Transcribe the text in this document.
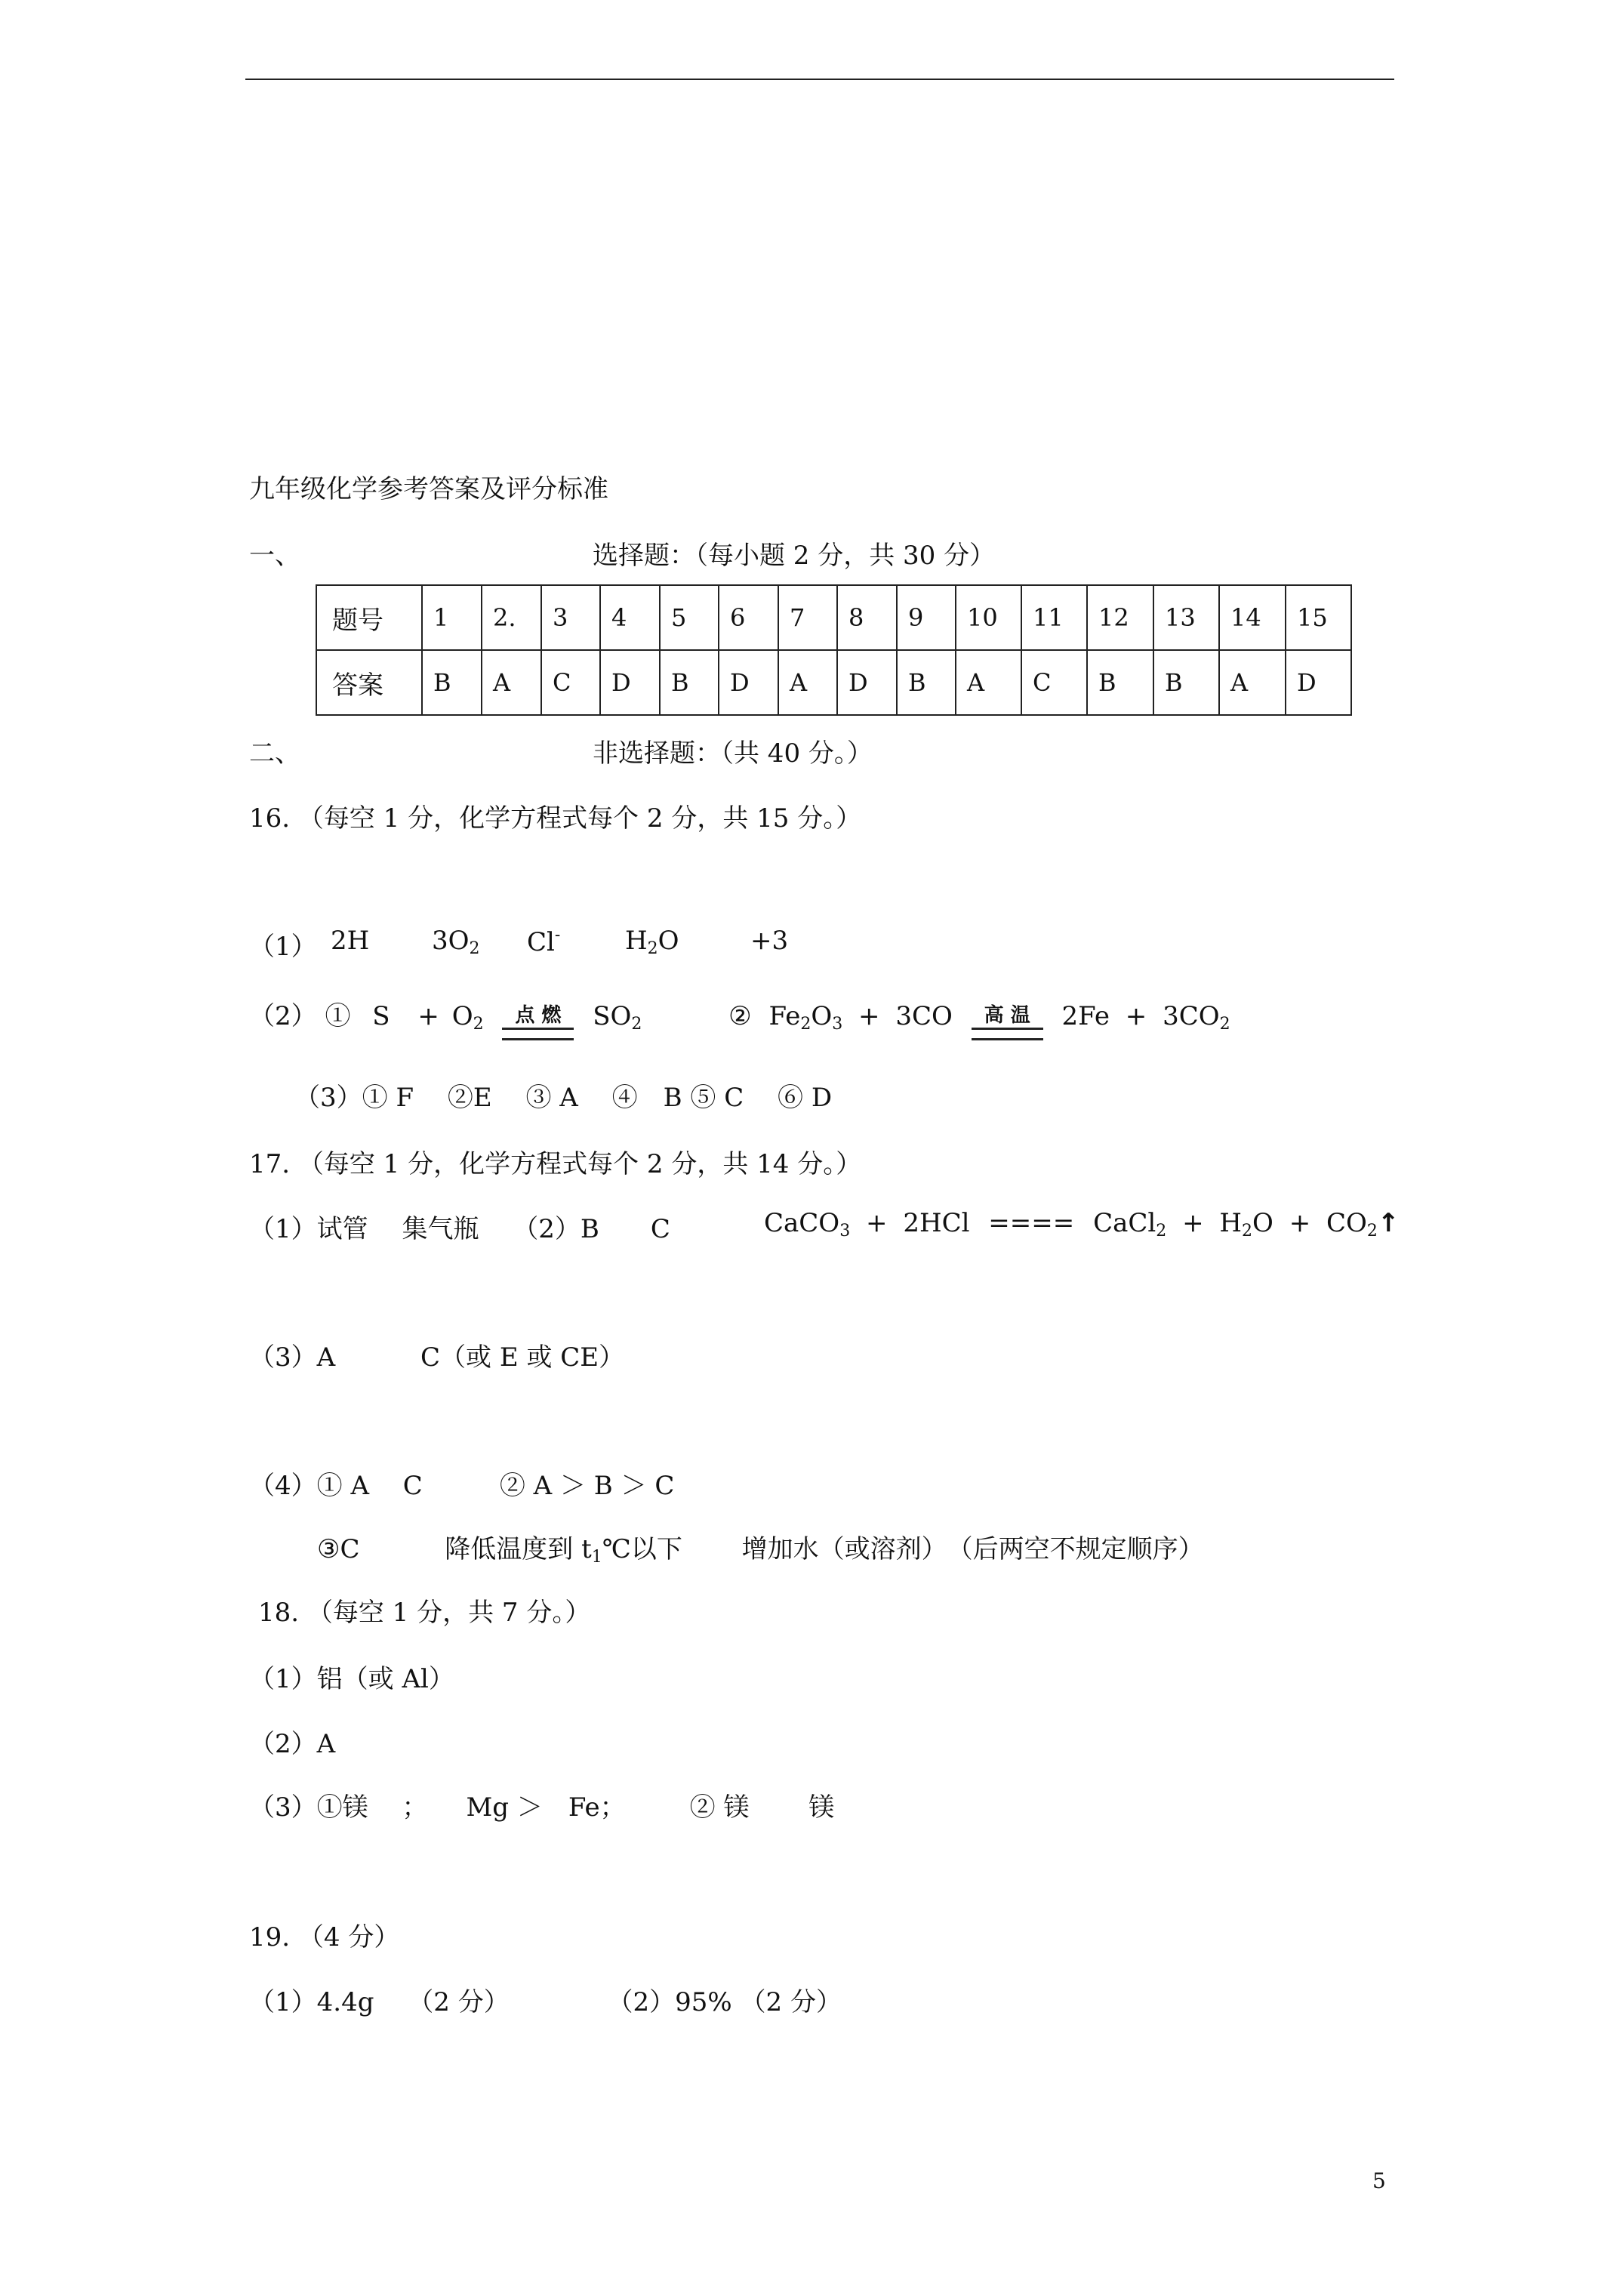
九年级化学参考答案及评分标准
一、	选择题：（每小题 2 分，共 30 分）
题号	1	2.	3	4	5	6	7	8	9	10	11	12	13	14	15
答案	B	A	C	D	B	D	A	D	B	A	C	B	B	A	D
二、	非选择题：（共 40 分。）
16. （每空 1 分，化学方程式每个 2 分，共 15 分。）
（1） 2H $3O_2$ Cl-	$H_2O$	+3
（2） ① $S + O_2$	点 燃	$SO_2$	② $Fe_2O_3 + 3CO$	高 温	$2Fe + 3CO_2$
（3）① F　 ②E　 ③ A　 ④　B ⑤ C　 ⑥ D
17. （每空 1 分，化学方程式每个 2 分，共 14 分。）
（1）试管　 集气瓶　 （2）B　　C	CaCO$_3$ + 2HCl ==== CaCl$_2$ + $H_2O$ + $CO_2↑$
（3）A　　　 C（或 E 或 CE）
（4）① A　 C　　　② A ＞ B ＞ C
③C　　　 降低温度到 $t_1℃$以下　　 增加水（或溶剂）　（后两空不规定顺序）
18. （每空 1 分，共 7 分。）
（1）铝（或 Al）
（2）A
（3）①镁　 ；　　Mg ＞　Fe；　　　② 镁　　 镁
19. （4 分）
（1）4.4g　 （2 分）　　　　 （2）95% （2 分）
5
